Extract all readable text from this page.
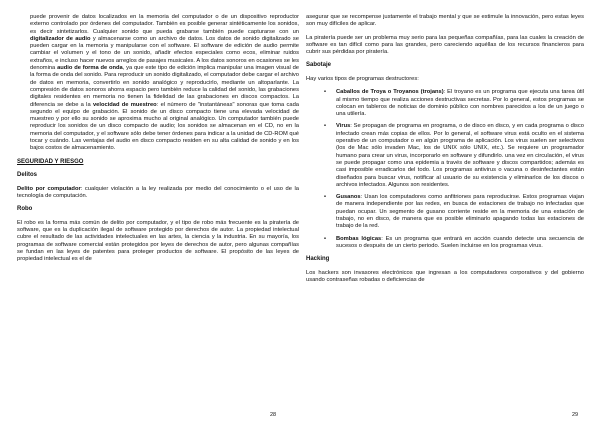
puede provenir de datos localizados en la memoria del computador o de un dispositivo reproductor externo controlado por órdenes del computador. También es posible generar sintéticamente los sonidos, es decir sintetizarlos. Cualquier sonido que pueda grabarse también puede capturarse con un digitalizador de audio y almacenarse como un archivo de datos. Los datos de sonido digitalizado se pueden cargar en la memoria y manipularse con el software. El software de edición de audio permite cambiar el volumen y el tono de un sonido, añadir efectos especiales como ecos, eliminar ruidos extraños, e incluso hacer nuevos arreglos de pasajes musicales. A los datos sonoros en ocasiones se les denomina audio de forma de onda, ya que este tipo de edición implica manipular una imagen visual de la forma de onda del sonido. Para reproducir un sonido digitalizado, el computador debe cargar el archivo de datos en memoria, convertirlo en sonido analógico y reproducirlo, mediante un altoparlante. La compresión de datos sonoros ahorra espacio pero también reduce la calidad del sonido, las grabaciones digitales residentes en memoria no tienen la fidelidad de las grabaciones en discos compactos. La diferencia se debe a la velocidad de muestreo: el número de "instantáneas" sonoras que toma cada segundo el equipo de grabación. El sonido de un disco compacto tiene una elevada velocidad de muestreo y por ello su sonido se aproxima mucho al original analógico. Un computador también puede reproducir los sonidos de un disco compacto de audio; los sonidos se almacenan en el CD, no en la memoria del computador, y el software sólo debe tener órdenes para indicar a la unidad de CD-ROM qué tocar y cuándo. Las ventajas del audio en disco compacto residen en su alta calidad de sonido y en los bajos costos de almacenamiento.

SEGURIDAD Y RIESGO
Delitos

Delito por computador: cualquier violación a la ley realizada por medio del conocimiento o el uso de la tecnología de computación.

Robo

El robo es la forma más común de delito por computador, y el tipo de robo más frecuente es la piratería de software, que es la duplicación ilegal de software protegido por derechos de autor. La propiedad intelectual cubre el resultado de las actividades intelectuales en las artes, la ciencia y la industria. En su mayoría, los programas de software comercial están protegidos por leyes de derechos de autor, pero algunas compañías se fundan en las leyes de patentes para proteger productos de software. El propósito de las leyes de propiedad intelectual es el de

asegurar que se recompense justamente el trabajo mental y que se estimule la innovación, pero estas leyes son muy difíciles de aplicar.

La piratería puede ser un problema muy serio para las pequeñas compañías, para las cuales la creación de software es tan difícil como para las grandes, pero careciendo aquéllas de los recursos financieros para cubrir sus pérdidas por piratería.

Sabotaje

Hay varios tipos de programas destructores:

• Caballos de Troya o Troyanos (trojans): El troyano es un programa que ejecuta una tarea útil al mismo tiempo que realiza acciones destructivas secretas. Por lo general, estos programas se colocan en tableros de noticias de dominio público con nombres parecidos a los de un juego o una utilería.
• Virus: Se propagan de programa en programa, o de disco en disco, y en cada programa o disco infectado crean más copias de ellos. Por lo general, el software virus está oculto en el sistema operativo de un computador o en algún programa de aplicación. Los virus suelen ser selectivos (los de Mac sólo invaden Mac, los de UNIX sólo UNIX, etc.). Se requiere un programador humano para crear un virus, incorporarlo en software y difundirlo. una vez en circulación, el virus se puede propagar como una epidemia a través de software y discos compartidos; además es casi imposible erradicarlos del todo. Los programas antivirus o vacuna o desinfectantes están diseñados para buscar virus, notificar al usuario de su existencia y eliminarlos de los discos o archivos infectados. Algunos son residentes.
• Gusanos: Usan los computadores como anfitriones para reproducirse. Estos programas viajan de manera independiente por las redes, en busca de estaciones de trabajo no infectadas que puedan ocupar. Un segmento de gusano corriente reside en la memoria de una estación de trabajo, no en disco, de manera que es posible eliminarlo apagando todas las estaciones de trabajo de la red.
• Bombas lógicas: Es un programa que entrará en acción cuando detecte una secuencia de sucesos o después de un cierto periodo. Suelen incluirse en los programas virus.
Hacking

Los hackers son invasores electrónicos que ingresan a los computadores corporativos y del gobierno usando contraseñas robadas o deficiencias de

28	29
